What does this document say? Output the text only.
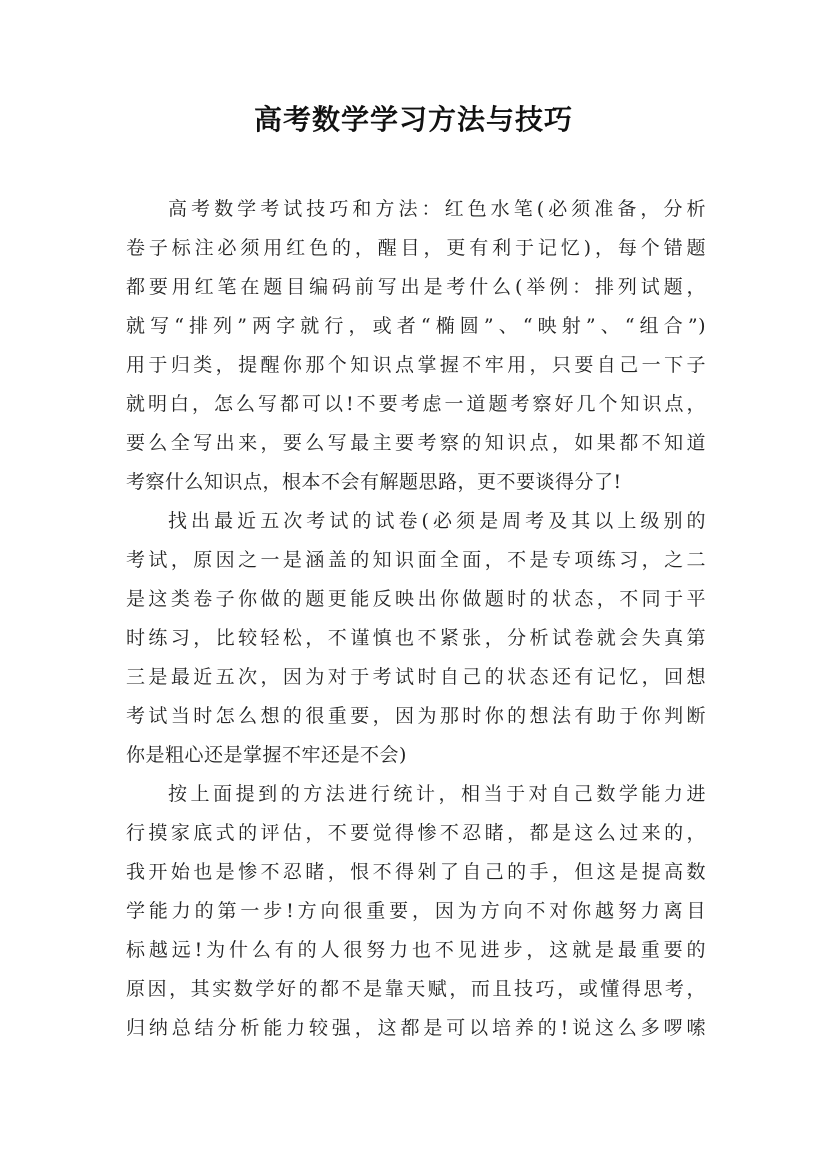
高考数学学习方法与技巧
高考数学考试技巧和方法：红色水笔(必须准备，分析
卷子标注必须用红色的，醒目，更有利于记忆)，每个错题
都要用红笔在题目编码前写出是考什么(举例：排列试题，
就写“排列”两字就行，或者“椭圆”、“映射”、“组合”)
用于归类，提醒你那个知识点掌握不牢用，只要自己一下子
就明白，怎么写都可以!不要考虑一道题考察好几个知识点，
要么全写出来，要么写最主要考察的知识点，如果都不知道
考察什么知识点，根本不会有解题思路，更不要谈得分了!
找出最近五次考试的试卷(必须是周考及其以上级别的
考试，原因之一是涵盖的知识面全面，不是专项练习，之二
是这类卷子你做的题更能反映出你做题时的状态，不同于平
时练习，比较轻松，不谨慎也不紧张，分析试卷就会失真第
三是最近五次，因为对于考试时自己的状态还有记忆，回想
考试当时怎么想的很重要，因为那时你的想法有助于你判断
你是粗心还是掌握不牢还是不会)
按上面提到的方法进行统计，相当于对自己数学能力进
行摸家底式的评估，不要觉得惨不忍睹，都是这么过来的，
我开始也是惨不忍睹，恨不得剁了自己的手，但这是提高数
学能力的第一步!方向很重要，因为方向不对你越努力离目
标越远!为什么有的人很努力也不见进步，这就是最重要的
原因，其实数学好的都不是靠天赋，而且技巧，或懂得思考，
归纳总结分析能力较强，这都是可以培养的!说这么多啰嗦
